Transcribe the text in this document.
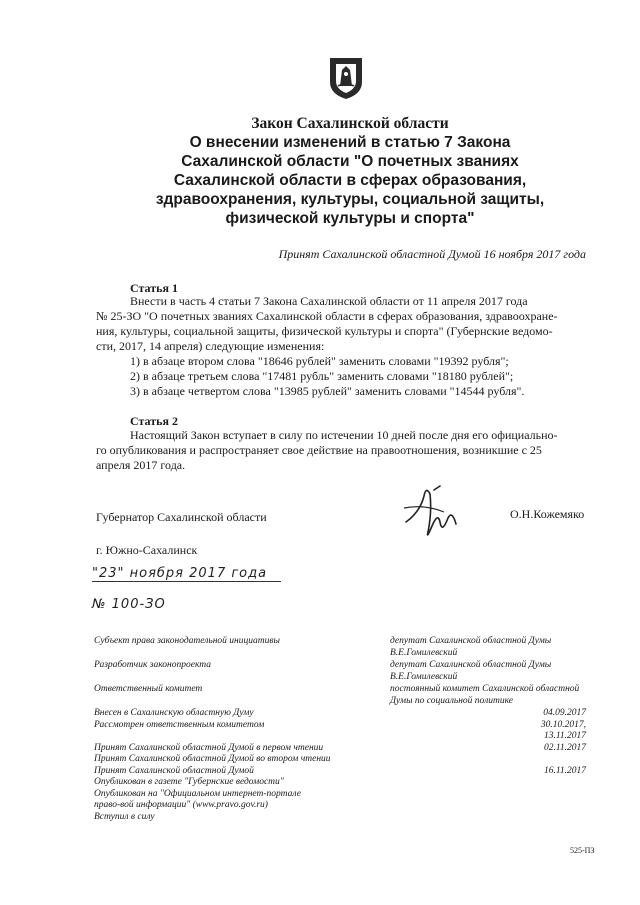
Закон Сахалинской области
О внесении изменений в статью 7 Закона
Сахалинской области "О почетных званиях
Сахалинской области в сферах образования,
здравоохранения, культуры, социальной защиты,
физической культуры и спорта"
Принят Сахалинской областной Думой 16 ноября 2017 года
Статья 1
Внести в часть 4 статьи 7 Закона Сахалинской области от 11 апреля 2017 года
№ 25-ЗО "О почетных званиях Сахалинской области в сферах образования, здравоохране-
ния, культуры, социальной защиты, физической культуры и спорта" (Губернские ведомо-
сти, 2017, 14 апреля) следующие изменения:
1) в абзаце втором слова "18646 рублей" заменить словами "19392 рубля";
2) в абзаце третьем слова "17481 рубль" заменить словами "18180 рублей";
3) в абзаце четвертом слова "13985 рублей" заменить словами "14544 рубля".
Статья 2
Настоящий Закон вступает в силу по истечении 10 дней после дня его официально-
го опубликования и распространяет свое действие на правоотношения, возникшие с 25
апреля 2017 года.
Губернатор Сахалинской области	О.Н.Кожемяко
г. Южно-Сахалинск
"23" ноября 2017 года
№ 100-ЗО
Субъект права законодательной инициативы	депутат Сахалинской областной Думы В.Е.Гомилевский
Разработчик законопроекта	депутат Сахалинской областной Думы В.Е.Гомилевский
Ответственный комитет	постоянный комитет Сахалинской областной Думы по социальной политике
Внесен в Сахалинскую областную Думу	04.09.2017
Рассмотрен ответственным комитетом	30.10.2017,
13.11.2017
Принят Сахалинской областной Думой в первом чтении	02.11.2017
Принят Сахалинской областной Думой во втором чтении
Принят Сахалинской областной Думой	16.11.2017
Опубликован в газете "Губернские ведомости"
Опубликован на "Официальном интернет-портале право-вой информации" (www.pravo.gov.ru)
Вступил в силу
525-ПЗ
